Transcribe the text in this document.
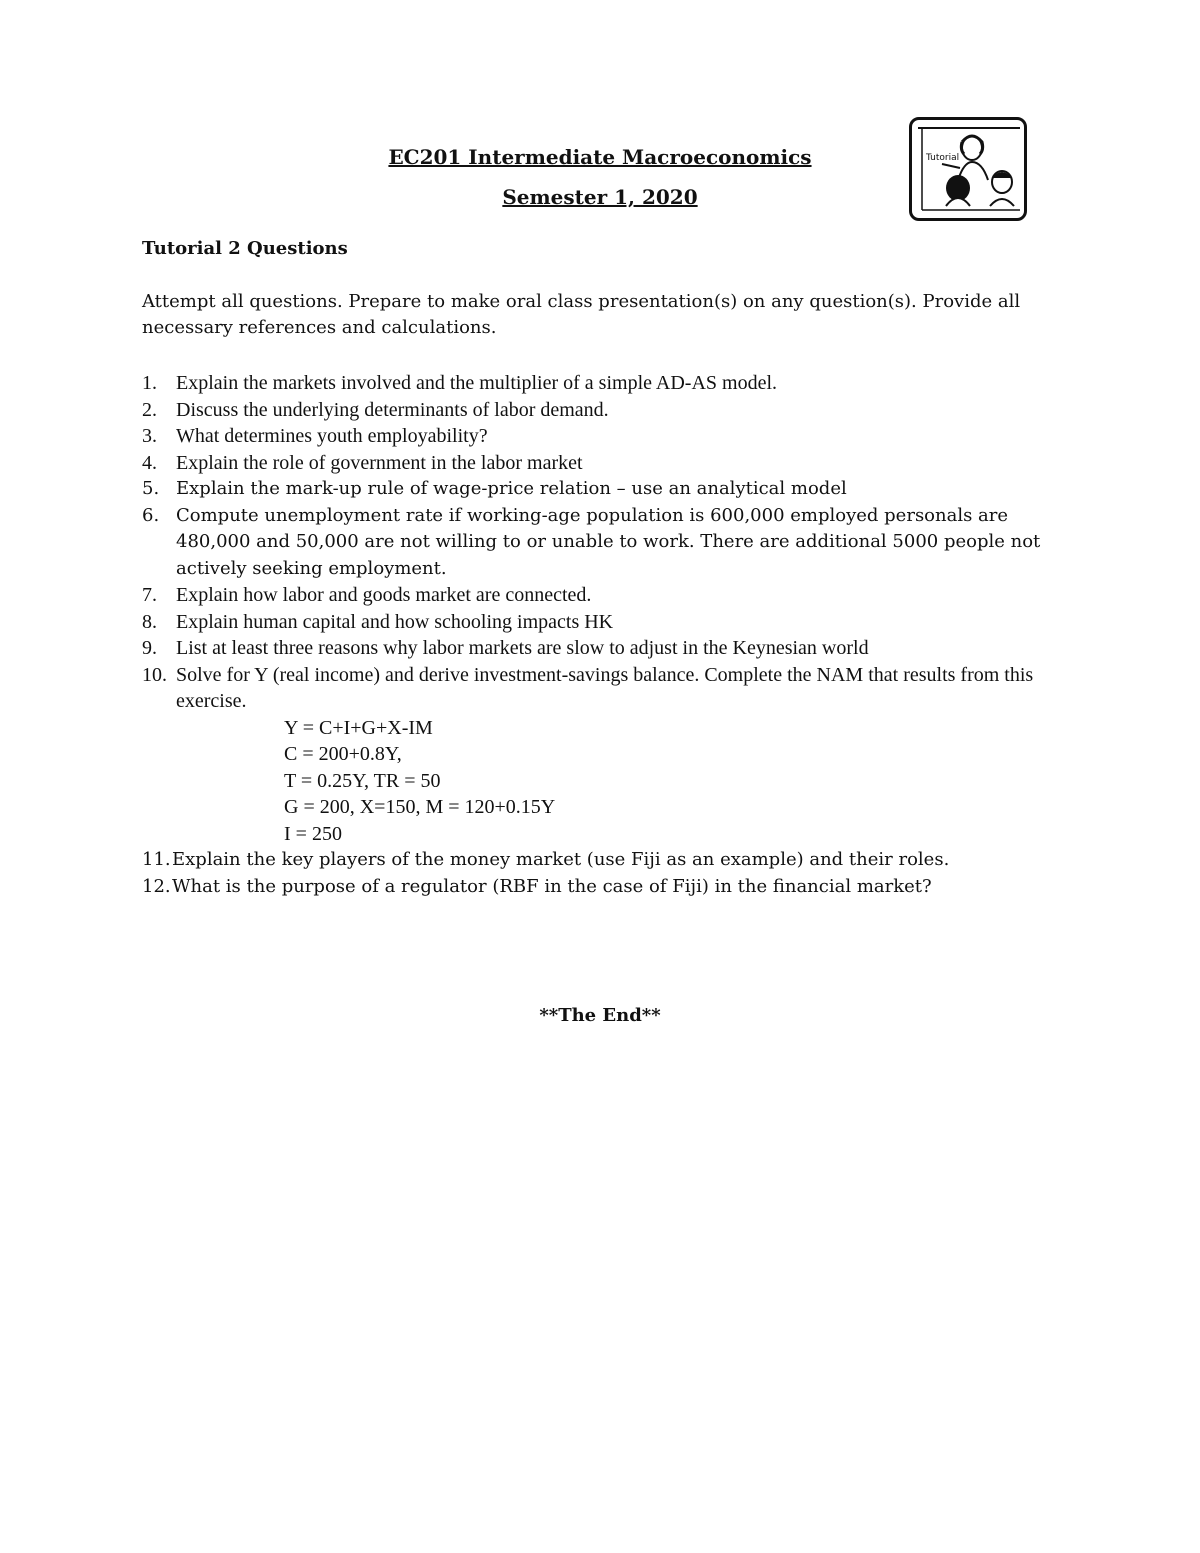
EC201 Intermediate Macroeconomics
Semester 1, 2020
Tutorial
Tutorial 2 Questions
Attempt all questions. Prepare to make oral class presentation(s) on any question(s). Provide all necessary references and calculations.
1. Explain the markets involved and the multiplier of a simple AD-AS model.
2. Discuss the underlying determinants of labor demand.
3. What determines youth employability?
4. Explain the role of government in the labor market
5. Explain the mark-up rule of wage-price relation – use an analytical model
6. Compute unemployment rate if working-age population is 600,000 employed personals are 480,000 and 50,000 are not willing to or unable to work. There are additional 5000 people not actively seeking employment.
7. Explain how labor and goods market are connected.
8. Explain human capital and how schooling impacts HK
9. List at least three reasons why labor markets are slow to adjust in the Keynesian world
10. Solve for Y (real income) and derive investment-savings balance. Complete the NAM that results from this exercise.
Y = C+I+G+X-IM
C = 200+0.8Y,
T = 0.25Y, TR = 50
G = 200, X=150, M = 120+0.15Y
I = 250
11. Explain the key players of the money market (use Fiji as an example) and their roles.
12. What is the purpose of a regulator (RBF in the case of Fiji) in the financial market?
**The End**
